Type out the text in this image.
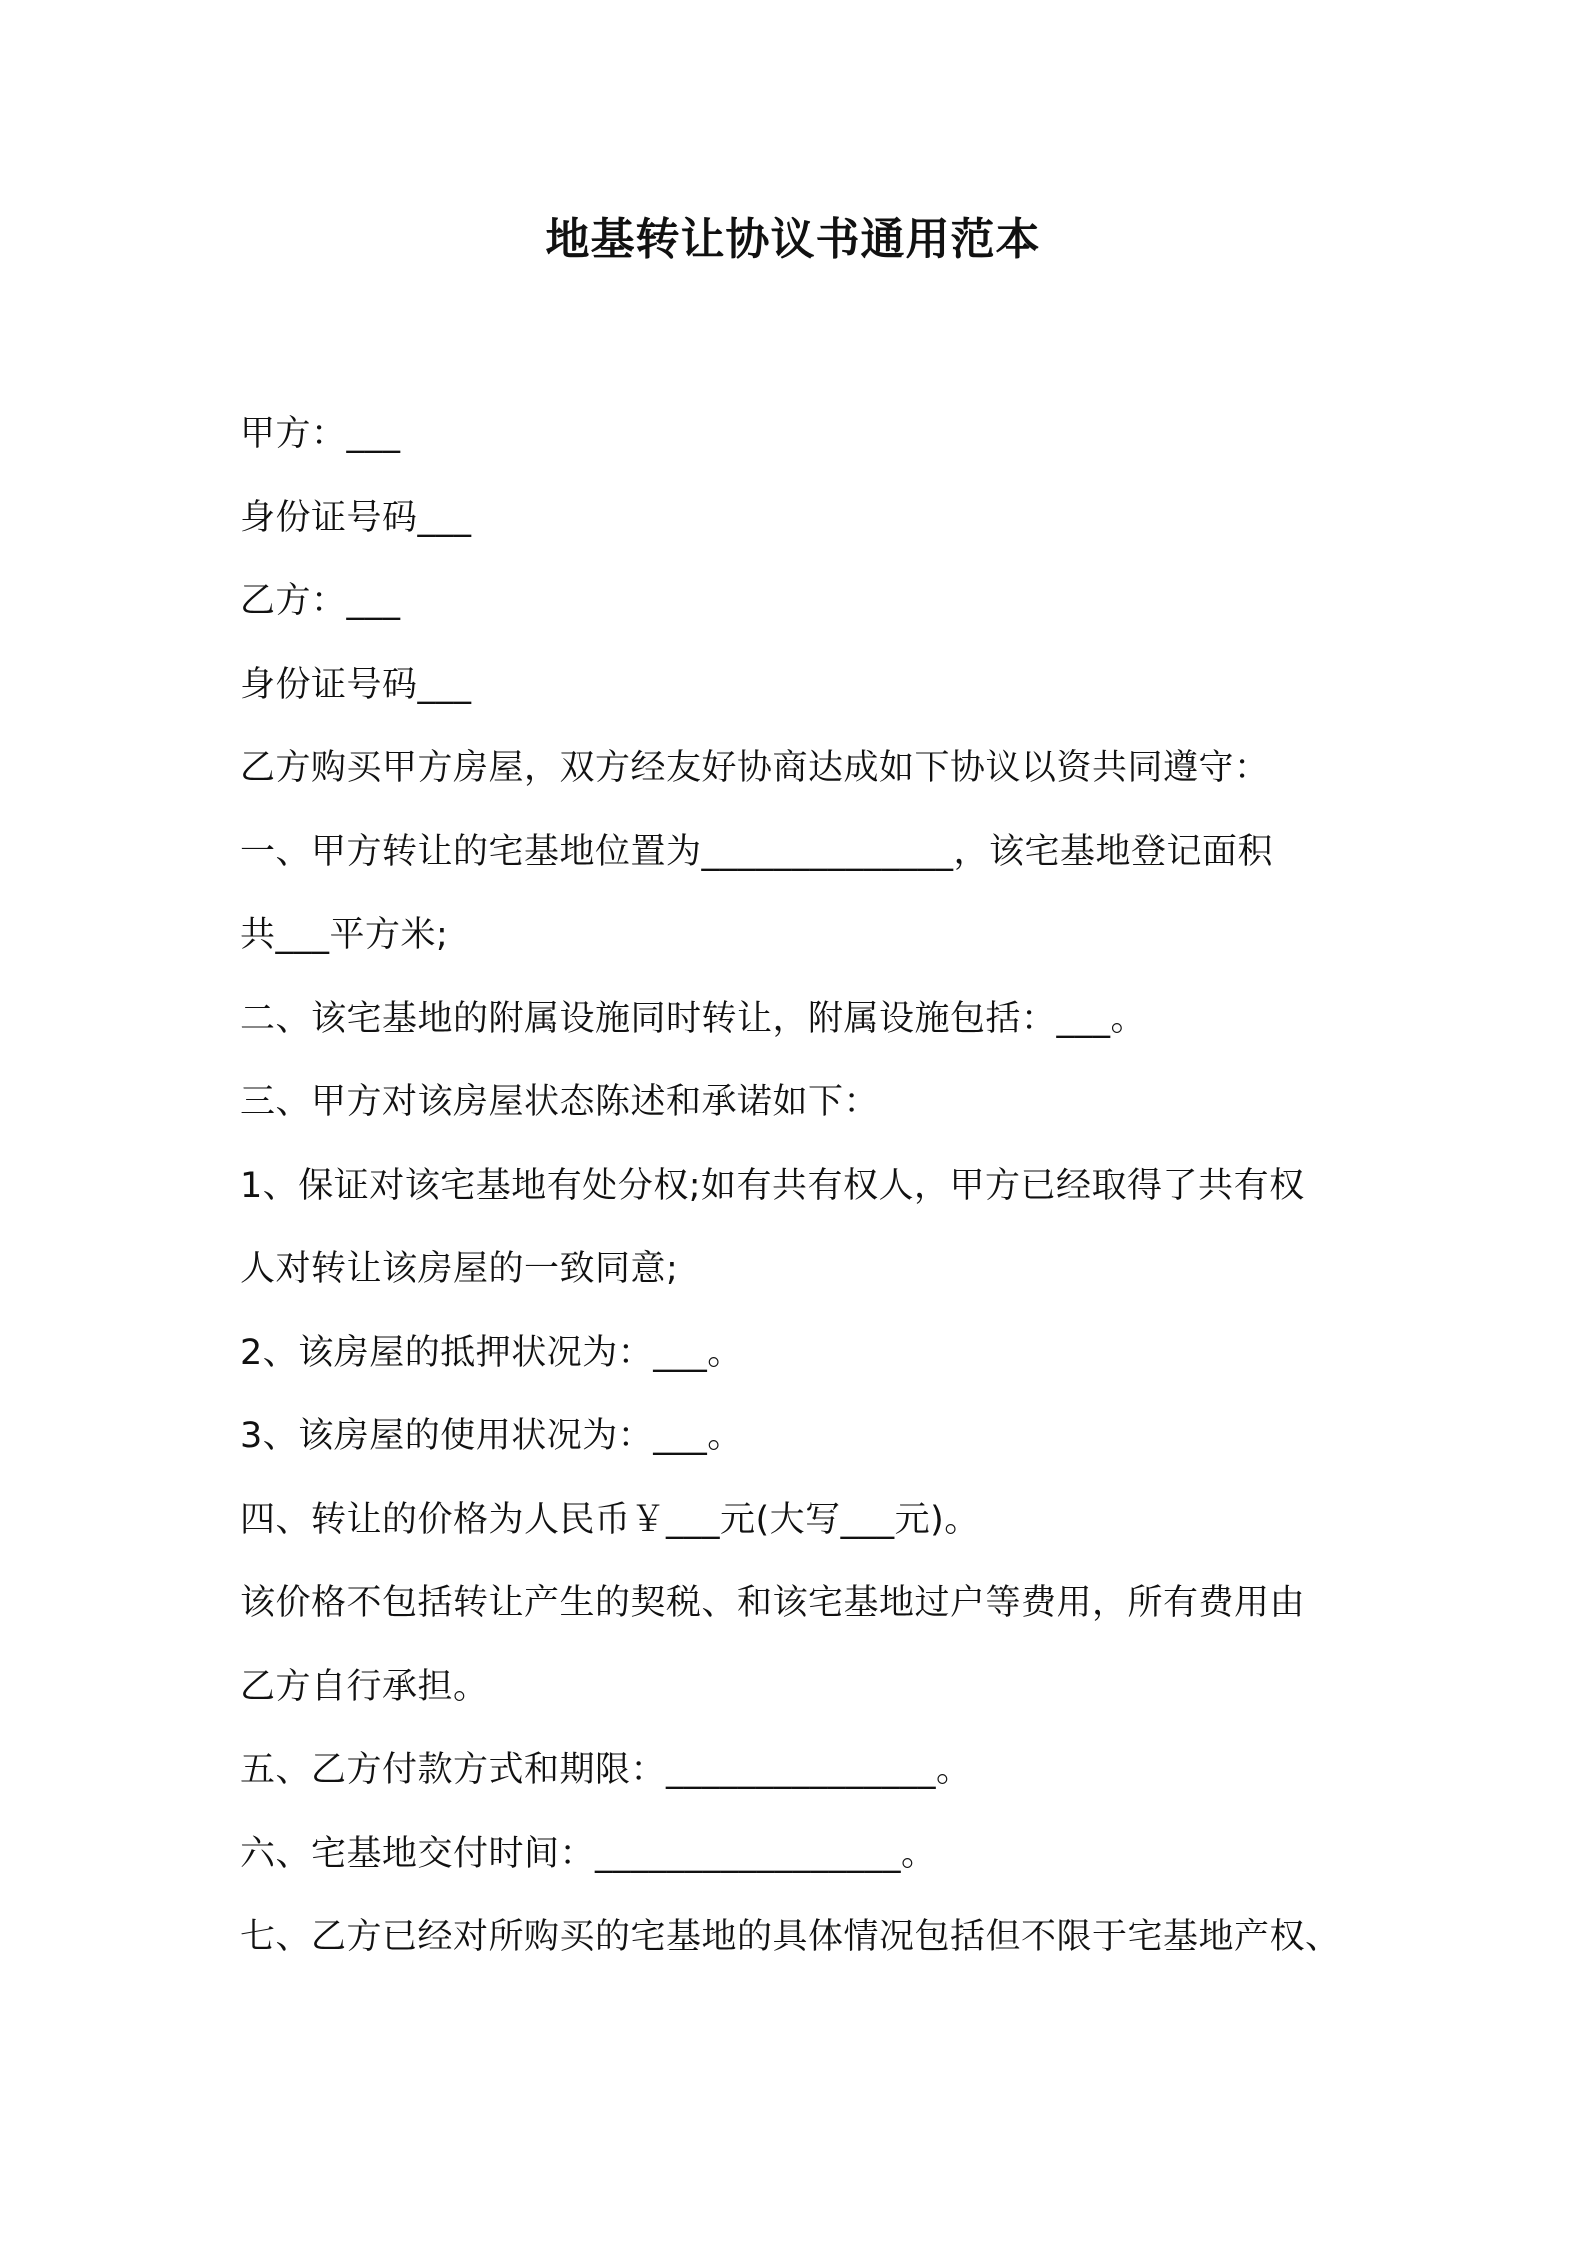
地基转让协议书通用范本
甲方：___
身份证号码___
乙方：___
身份证号码___
乙方购买甲方房屋，双方经友好协商达成如下协议以资共同遵守：
一、甲方转让的宅基地位置为______________，该宅基地登记面积
共___平方米;
二、该宅基地的附属设施同时转让，附属设施包括：___。
三、甲方对该房屋状态陈述和承诺如下：
1、保证对该宅基地有处分权;如有共有权人，甲方已经取得了共有权
人对转让该房屋的一致同意;
2、该房屋的抵押状况为：___。
3、该房屋的使用状况为：___。
四、转让的价格为人民币￥___元(大写___元)。
该价格不包括转让产生的契税、和该宅基地过户等费用，所有费用由
乙方自行承担。
五、乙方付款方式和期限：_______________。
六、宅基地交付时间：_________________。
七、乙方已经对所购买的宅基地的具体情况包括但不限于宅基地产权、
